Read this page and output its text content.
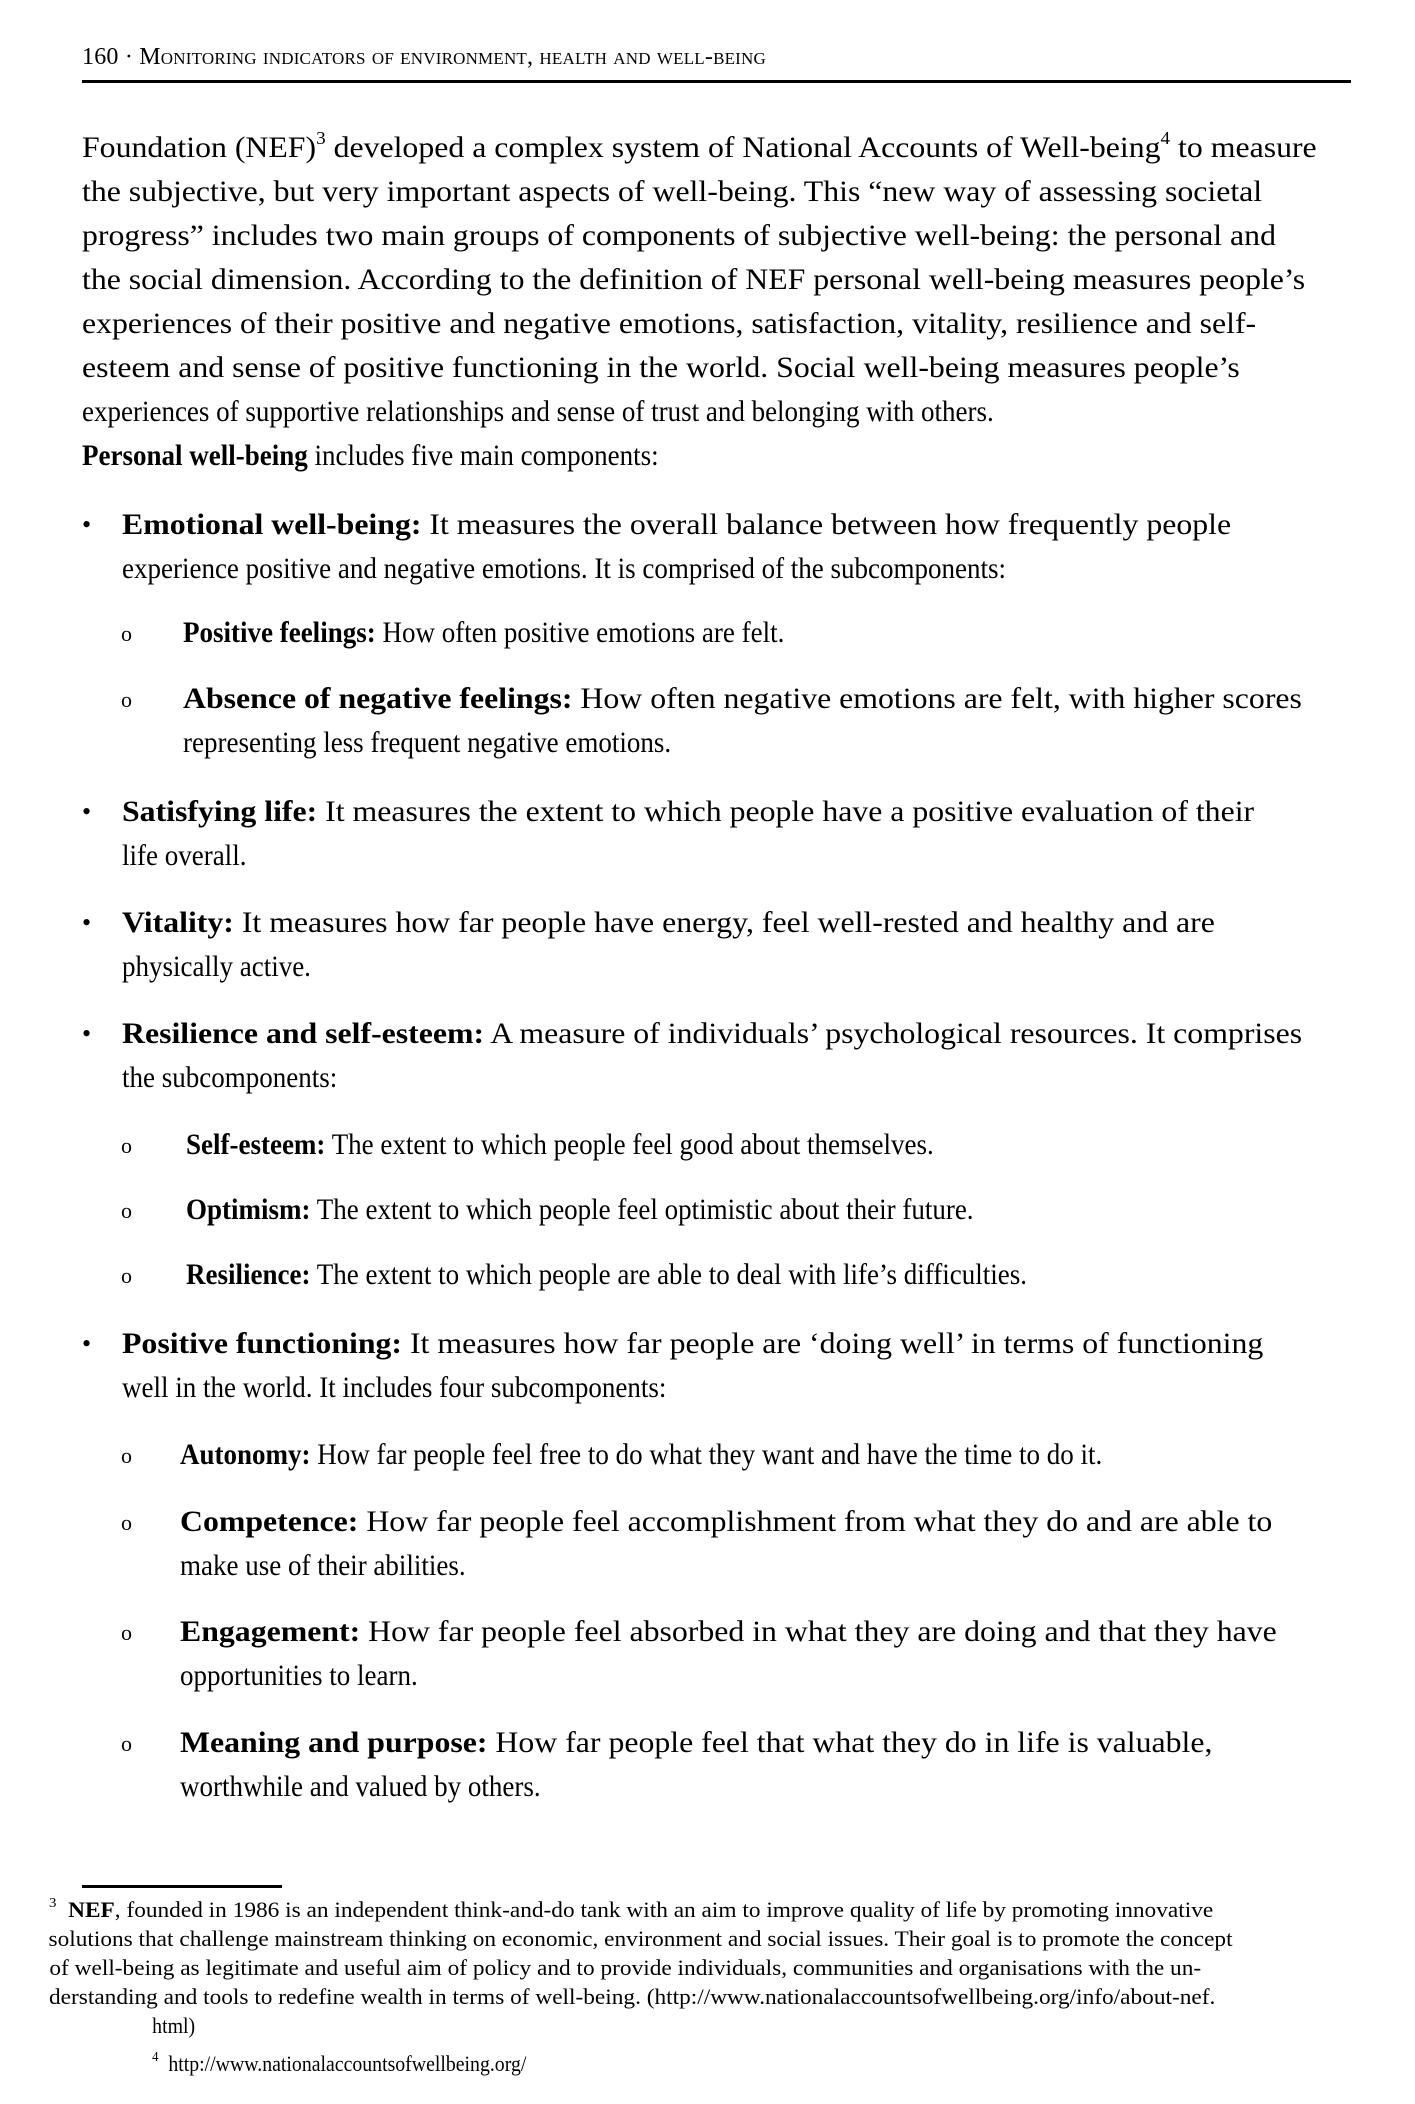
160 · Monitoring indicators of environment, health and well-being
Foundation (NEF)$^3$ developed a complex system of National Accounts of Well-being$^4$ to measure
the subjective, but very important aspects of well-being. This “new way of assessing societal
progress” includes two main groups of components of subjective well-being: the personal and
the social dimension. According to the definition of NEF personal well-being measures people’s
experiences of their positive and negative emotions, satisfaction, vitality, resilience and self-
esteem and sense of positive functioning in the world. Social well-being measures people’s
experiences of supportive relationships and sense of trust and belonging with others.
Personal well-being includes five main components:
• Emotional well-being: It measures the overall balance between how frequently people
experience positive and negative emotions. It is comprised of the subcomponents:
o Positive feelings: How often positive emotions are felt.
o Absence of negative feelings: How often negative emotions are felt, with higher scores
representing less frequent negative emotions.
• Satisfying life: It measures the extent to which people have a positive evaluation of their
life overall.
• Vitality: It measures how far people have energy, feel well-rested and healthy and are
physically active.
• Resilience and self-esteem: A measure of individuals’ psychological resources. It comprises
the subcomponents:
o Self-esteem: The extent to which people feel good about themselves.
o Optimism: The extent to which people feel optimistic about their future.
o Resilience: The extent to which people are able to deal with life’s difficulties.
• Positive functioning: It measures how far people are ‘doing well’ in terms of functioning
well in the world. It includes four subcomponents:
o Autonomy: How far people feel free to do what they want and have the time to do it.
o Competence: How far people feel accomplishment from what they do and are able to
make use of their abilities.
o Engagement: How far people feel absorbed in what they are doing and that they have
opportunities to learn.
o Meaning and purpose: How far people feel that what they do in life is valuable,
worthwhile and valued by others.
$^3$ NEF, founded in 1986 is an independent think-and-do tank with an aim to improve quality of life by promoting innovative
solutions that challenge mainstream thinking on economic, environment and social issues. Their goal is to promote the concept
of well-being as legitimate and useful aim of policy and to provide individuals, communities and organisations with the un-
derstanding and tools to redefine wealth in terms of well-being. (http://www.nationalaccountsofwellbeing.org/info/about-nef.
html)
$^4$ http://www.nationalaccountsofwellbeing.org/
